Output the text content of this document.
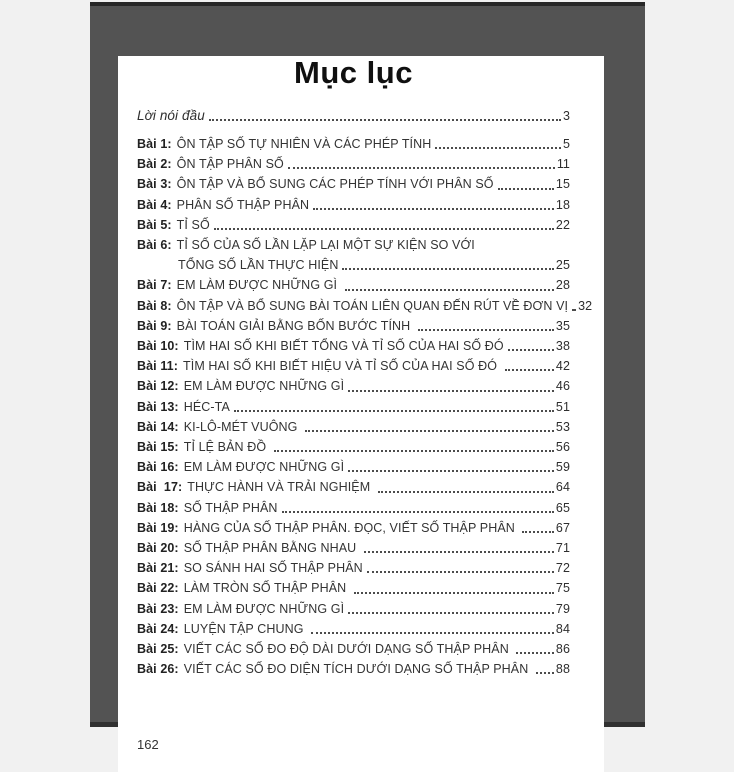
Mục lục
Lời nói đầu	3
Bài 1: ÔN TẬP SỐ TỰ NHIÊN VÀ CÁC PHÉP TÍNH	5
Bài 2: ÔN TẬP PHÂN SỐ	11
Bài 3: ÔN TẬP VÀ BỔ SUNG CÁC PHÉP TÍNH VỚI PHÂN SỐ	15
Bài 4: PHÂN SỐ THẬP PHÂN	18
Bài 5: TỈ SỐ	22
Bài 6: TỈ SỐ CỦA SỐ LẦN LẶP LẠI MỘT SỰ KIỆN SO VỚI
TỔNG SỐ LẦN THỰC HIỆN	25
Bài 7: EM LÀM ĐƯỢC NHỮNG GÌ	28
Bài 8: ÔN TẬP VÀ BỔ SUNG BÀI TOÁN LIÊN QUAN ĐẾN RÚT VỀ ĐƠN VỊ 32
Bài 9: BÀI TOÁN GIẢI BẰNG BỐN BƯỚC TÍNH	35
Bài 10: TÌM HAI SỐ KHI BIẾT TỔNG VÀ TỈ SỐ CỦA HAI SỐ ĐÓ	38
Bài 11: TÌM HAI SỐ KHI BIẾT HIỆU VÀ TỈ SỐ CỦA HAI SỐ ĐÓ	42
Bài 12: EM LÀM ĐƯỢC NHỮNG GÌ	46
Bài 13: HÉC-TA	51
Bài 14: KI-LÔ-MÉT VUÔNG	53
Bài 15: TỈ LỆ BẢN ĐỒ	56
Bài 16: EM LÀM ĐƯỢC NHỮNG GÌ	59
Bài  17: THỰC HÀNH VÀ TRẢI NGHIỆM	64
Bài 18: SỐ THẬP PHÂN	65
Bài 19: HÀNG CỦA SỐ THẬP PHÂN. ĐỌC, VIẾT SỐ THẬP PHÂN	67
Bài 20: SỐ THẬP PHÂN BẰNG NHAU	71
Bài 21: SO SÁNH HAI SỐ THẬP PHÂN	72
Bài 22: LÀM TRÒN SỐ THẬP PHÂN	75
Bài 23: EM LÀM ĐƯỢC NHỮNG GÌ	79
Bài 24: LUYỆN TẬP CHUNG	84
Bài 25: VIẾT CÁC SỐ ĐO ĐỘ DÀI DƯỚI DẠNG SỐ THẬP PHÂN	86
Bài 26: VIẾT CÁC SỐ ĐO DIỆN TÍCH DƯỚI DẠNG SỐ THẬP PHÂN 88
162
